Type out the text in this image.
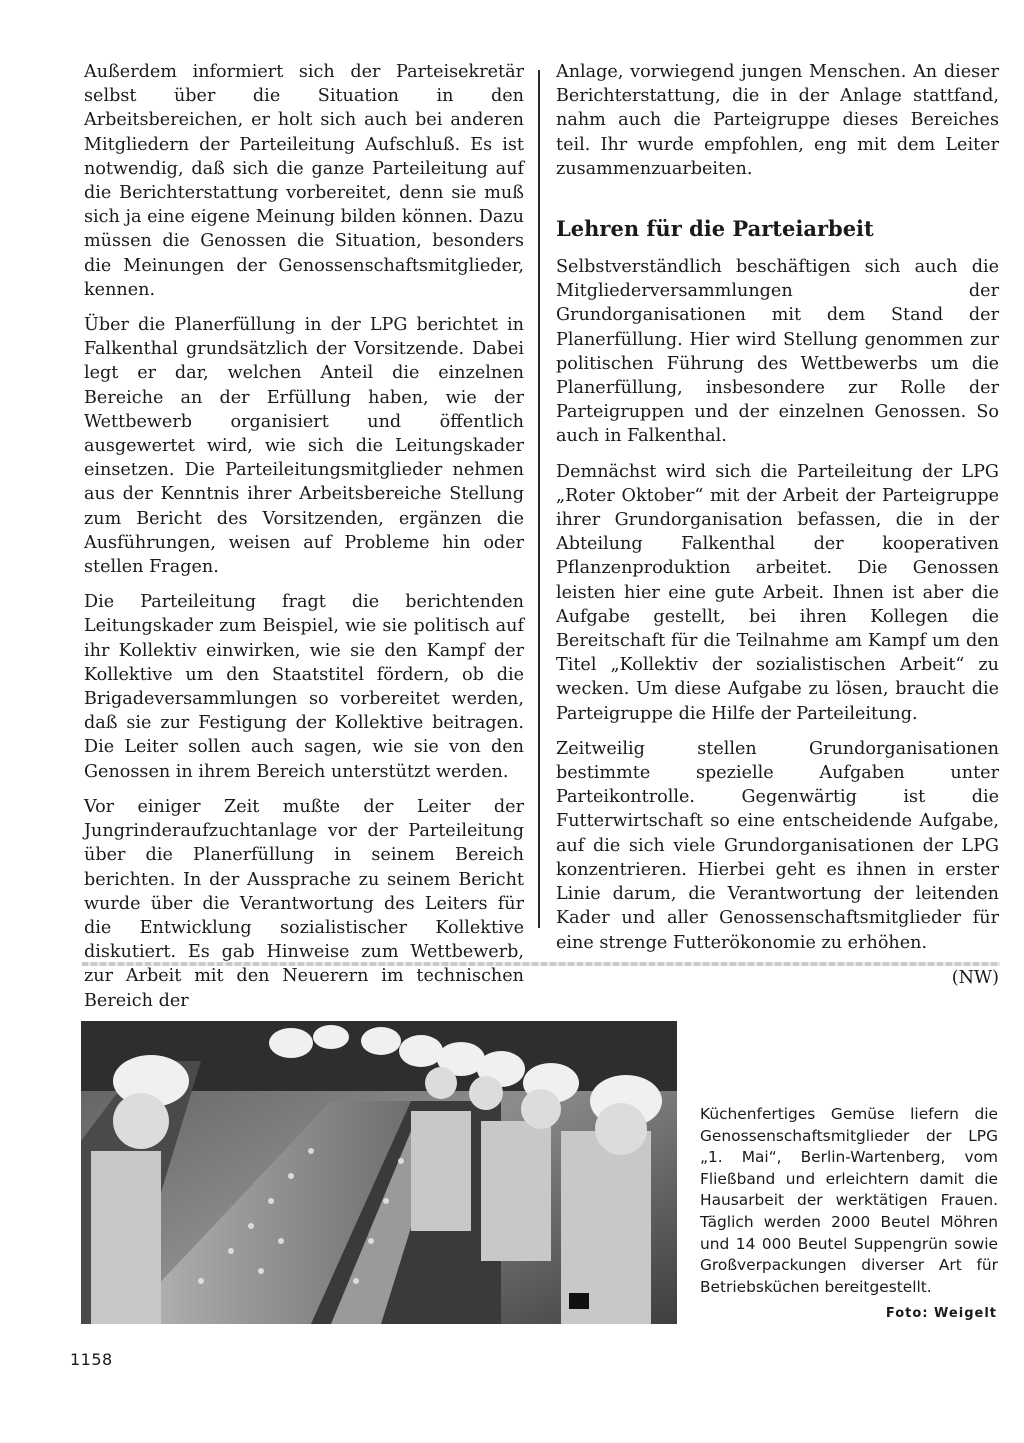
Außerdem informiert sich der Parteisekretär selbst über die Situation in den Arbeitsbereichen, er holt sich auch bei anderen Mitgliedern der Parteileitung Aufschluß. Es ist notwendig, daß sich die ganze Parteileitung auf die Berichterstattung vorbereitet, denn sie muß sich ja eine eigene Meinung bilden können. Dazu müssen die Genossen die Situation, besonders die Meinungen der Genossenschaftsmitglieder, kennen.

Über die Planerfüllung in der LPG berichtet in Falkenthal grundsätzlich der Vorsitzende. Dabei legt er dar, welchen Anteil die einzelnen Bereiche an der Erfüllung haben, wie der Wettbewerb organisiert und öffentlich ausgewertet wird, wie sich die Leitungskader einsetzen. Die Parteileitungsmitglieder nehmen aus der Kenntnis ihrer Arbeitsbereiche Stellung zum Bericht des Vorsitzenden, ergänzen die Ausführungen, weisen auf Probleme hin oder stellen Fragen.

Die Parteileitung fragt die berichtenden Leitungskader zum Beispiel, wie sie politisch auf ihr Kollektiv einwirken, wie sie den Kampf der Kollektive um den Staatstitel fördern, ob die Brigadeversammlungen so vorbereitet werden, daß sie zur Festigung der Kollektive beitragen. Die Leiter sollen auch sagen, wie sie von den Genossen in ihrem Bereich unterstützt werden.

Vor einiger Zeit mußte der Leiter der Jungrinderaufzuchtanlage vor der Parteileitung über die Planerfüllung in seinem Bereich berichten. In der Aussprache zu seinem Bericht wurde über die Verantwortung des Leiters für die Entwicklung sozialistischer Kollektive diskutiert. Es gab Hinweise zum Wettbewerb, zur Arbeit mit den Neuerern im technischen Bereich der

Anlage, vorwiegend jungen Menschen. An dieser Berichterstattung, die in der Anlage stattfand, nahm auch die Parteigruppe dieses Bereiches teil. Ihr wurde empfohlen, eng mit dem Leiter zusammenzuarbeiten.

Lehren für die Parteiarbeit

Selbstverständlich beschäftigen sich auch die Mitgliederversammlungen der Grundorganisationen mit dem Stand der Planerfüllung. Hier wird Stellung genommen zur politischen Führung des Wettbewerbs um die Planerfüllung, insbesondere zur Rolle der Parteigruppen und der einzelnen Genossen. So auch in Falkenthal.

Demnächst wird sich die Parteileitung der LPG „Roter Oktober“ mit der Arbeit der Parteigruppe ihrer Grundorganisation befassen, die in der Abteilung Falkenthal der kooperativen Pflanzenproduktion arbeitet. Die Genossen leisten hier eine gute Arbeit. Ihnen ist aber die Aufgabe gestellt, bei ihren Kollegen die Bereitschaft für die Teilnahme am Kampf um den Titel „Kollektiv der sozialistischen Arbeit“ zu wecken. Um diese Aufgabe zu lösen, braucht die Parteigruppe die Hilfe der Parteileitung.

Zeitweilig stellen Grundorganisationen bestimmte spezielle Aufgaben unter Parteikontrolle. Gegenwärtig ist die Futterwirtschaft so eine entscheidende Aufgabe, auf die sich viele Grundorganisationen der LPG konzentrieren. Hierbei geht es ihnen in erster Linie darum, die Verantwortung der leitenden Kader und aller Genossenschaftsmitglieder für eine strenge Futterökonomie zu erhöhen.

(NW)
Küchenfertiges Gemüse liefern die Genossenschaftsmitglieder der LPG „1. Mai“, Berlin-Wartenberg, vom Fließband und erleichtern damit die Hausarbeit der werktätigen Frauen. Täglich werden 2000 Beutel Möhren und 14 000 Beutel Suppengrün sowie Großverpackungen diverser Art für Betriebsküchen bereitgestellt.
Foto: Weigelt
1158
